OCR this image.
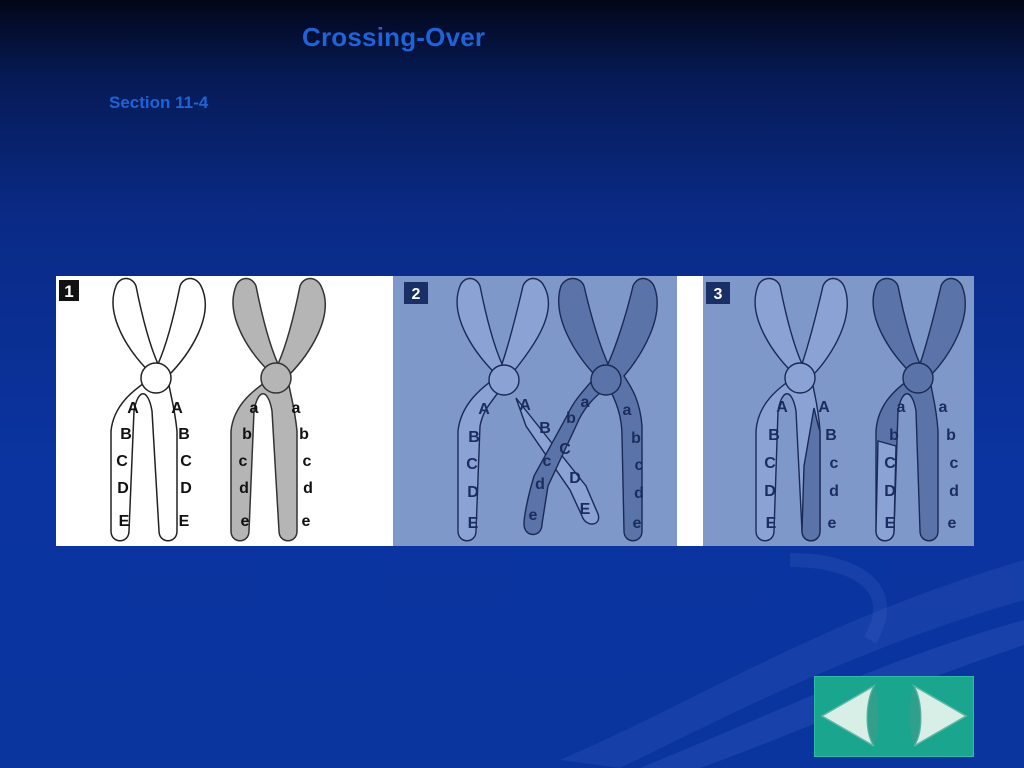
Crossing-Over
Section 11-4
1
A
B
C
D
E
A
B
C
D
E
a
b
c
d
e
a
b
c
d
e
2
A
B
C
D
E
A
B
c
d
e
a
b
C
D
E
a
b
c
d
e
3
A
B
C
D
E
A
B
c
d
e
a
b
C
D
E
a
b
c
d
e
